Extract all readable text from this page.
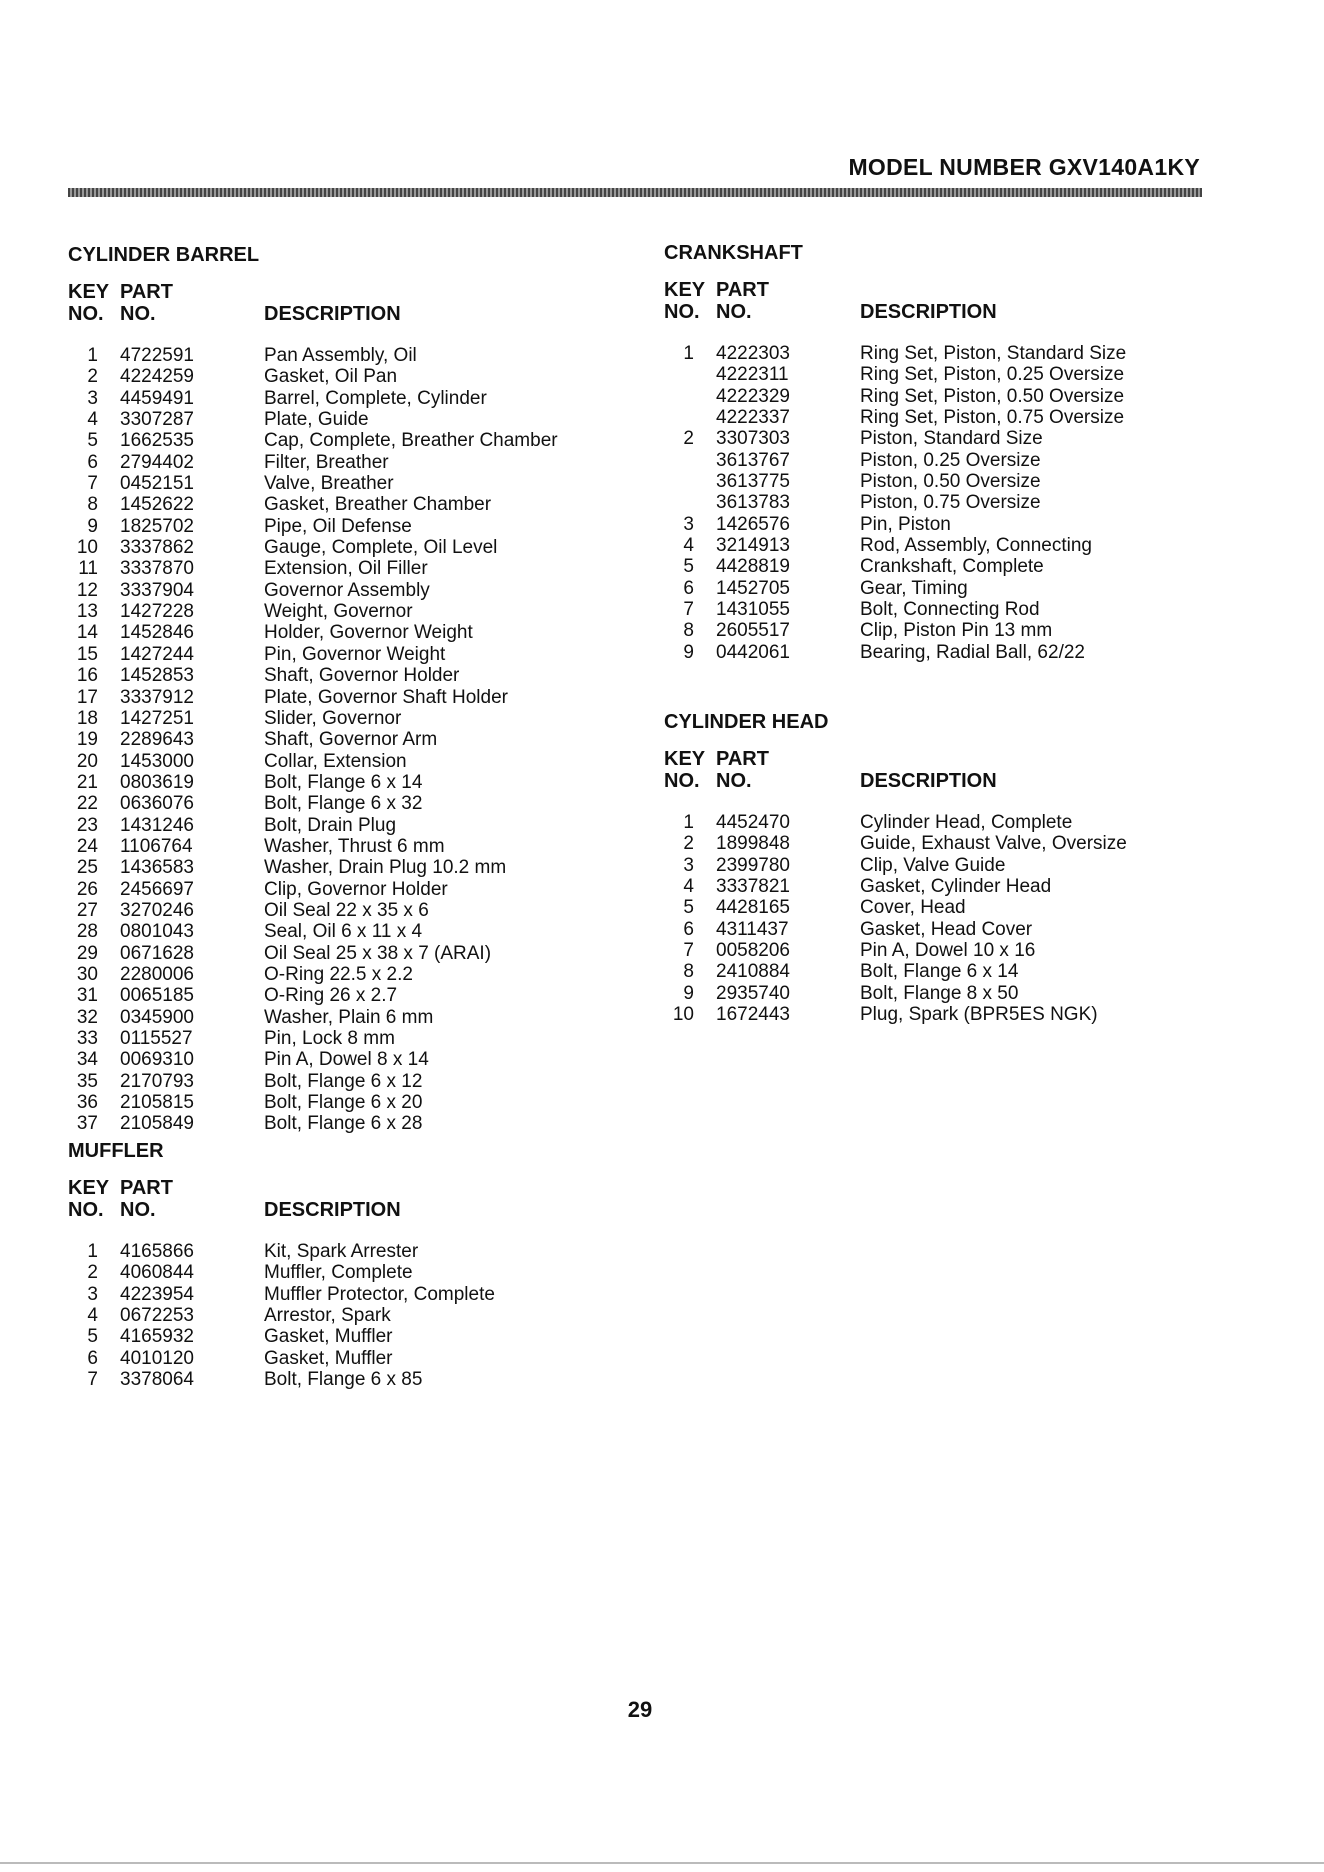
MODEL NUMBER GXV140A1KY
CYLINDER BARREL
KEY
NO.
PART
NO.	DESCRIPTION
1 4722591	Pan Assembly, Oil
2 4224259	Gasket, Oil Pan
3 4459491	Barrel, Complete, Cylinder
4 3307287	Plate, Guide
5 1662535	Cap, Complete, Breather Chamber
6 2794402	Filter, Breather
7 0452151	Valve, Breather
8 1452622	Gasket, Breather Chamber
9 1825702	Pipe, Oil Defense
10 3337862	Gauge, Complete, Oil Level
11 3337870	Extension, Oil Filler
12 3337904	Governor Assembly
13 1427228	Weight, Governor
14 1452846	Holder, Governor Weight
15 1427244	Pin, Governor Weight
16 1452853	Shaft, Governor Holder
17 3337912	Plate, Governor Shaft Holder
18 1427251	Slider, Governor
19 2289643	Shaft, Governor Arm
20 1453000	Collar, Extension
21 0803619	Bolt, Flange 6 x 14
22 0636076	Bolt, Flange 6 x 32
23 1431246	Bolt, Drain Plug
24 1106764	Washer, Thrust 6 mm
25 1436583	Washer, Drain Plug 10.2 mm
26 2456697	Clip, Governor Holder
27 3270246	Oil Seal 22 x 35 x 6
28 0801043	Seal, Oil 6 x 11 x 4
29 0671628	Oil Seal 25 x 38 x 7 (ARAI)
30 2280006	O-Ring 22.5 x 2.2
31 0065185	O-Ring 26 x 2.7
32 0345900	Washer, Plain 6 mm
33 0115527	Pin, Lock 8 mm
34 0069310	Pin A, Dowel 8 x 14
35 2170793	Bolt, Flange 6 x 12
36 2105815	Bolt, Flange 6 x 20
37 2105849	Bolt, Flange 6 x 28
MUFFLER
KEY
NO.
PART
NO.	DESCRIPTION
1 4165866	Kit, Spark Arrester
2 4060844	Muffler, Complete
3 4223954	Muffler Protector, Complete
4 0672253	Arrestor, Spark
5 4165932	Gasket, Muffler
6 4010120	Gasket, Muffler
7 3378064	Bolt, Flange 6 x 85
CRANKSHAFT
KEY
NO.
PART
NO.	DESCRIPTION
1 4222303	Ring Set, Piston, Standard Size
4222311	Ring Set, Piston, 0.25 Oversize
4222329	Ring Set, Piston, 0.50 Oversize
4222337	Ring Set, Piston, 0.75 Oversize
2 3307303	Piston, Standard Size
3613767	Piston, 0.25 Oversize
3613775	Piston, 0.50 Oversize
3613783	Piston, 0.75 Oversize
3 1426576	Pin, Piston
4 3214913	Rod, Assembly, Connecting
5 4428819	Crankshaft, Complete
6 1452705	Gear, Timing
7 1431055	Bolt, Connecting Rod
8 2605517	Clip, Piston Pin 13 mm
9 0442061	Bearing, Radial Ball, 62/22
CYLINDER HEAD
KEY
NO.
PART
NO.	DESCRIPTION
1 4452470	Cylinder Head, Complete
2 1899848	Guide, Exhaust Valve, Oversize
3 2399780	Clip, Valve Guide
4 3337821	Gasket, Cylinder Head
5 4428165	Cover, Head
6 4311437	Gasket, Head Cover
7 0058206	Pin A, Dowel 10 x 16
8 2410884	Bolt, Flange 6 x 14
9 2935740	Bolt, Flange 8 x 50
10 1672443	Plug, Spark (BPR5ES NGK)
29
